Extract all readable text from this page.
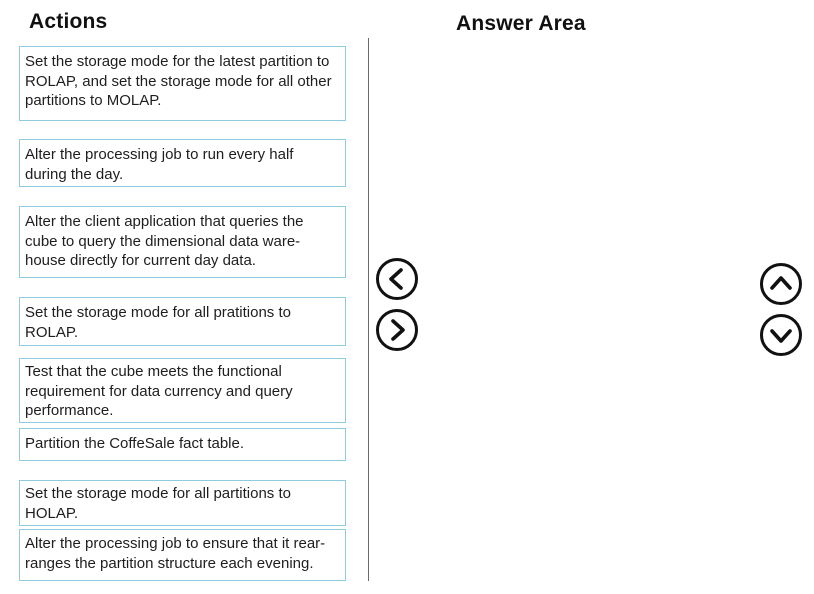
Actions	Answer Area
Set the storage mode for the latest partition to ROLAP, and set the storage mode for all other partitions to MOLAP.
Alter the processing job to run every half during the day.
Alter the client application that queries the cube to query the dimensional data ware-house directly for current day data.
Set the storage mode for all pratitions to ROLAP.
Test that the cube meets the functional requirement for data currency and query performance.
Partition the CoffeSale fact table.
Set the storage mode for all partitions to HOLAP.
Alter the processing job to ensure that it rear-ranges the partition structure each evening.
